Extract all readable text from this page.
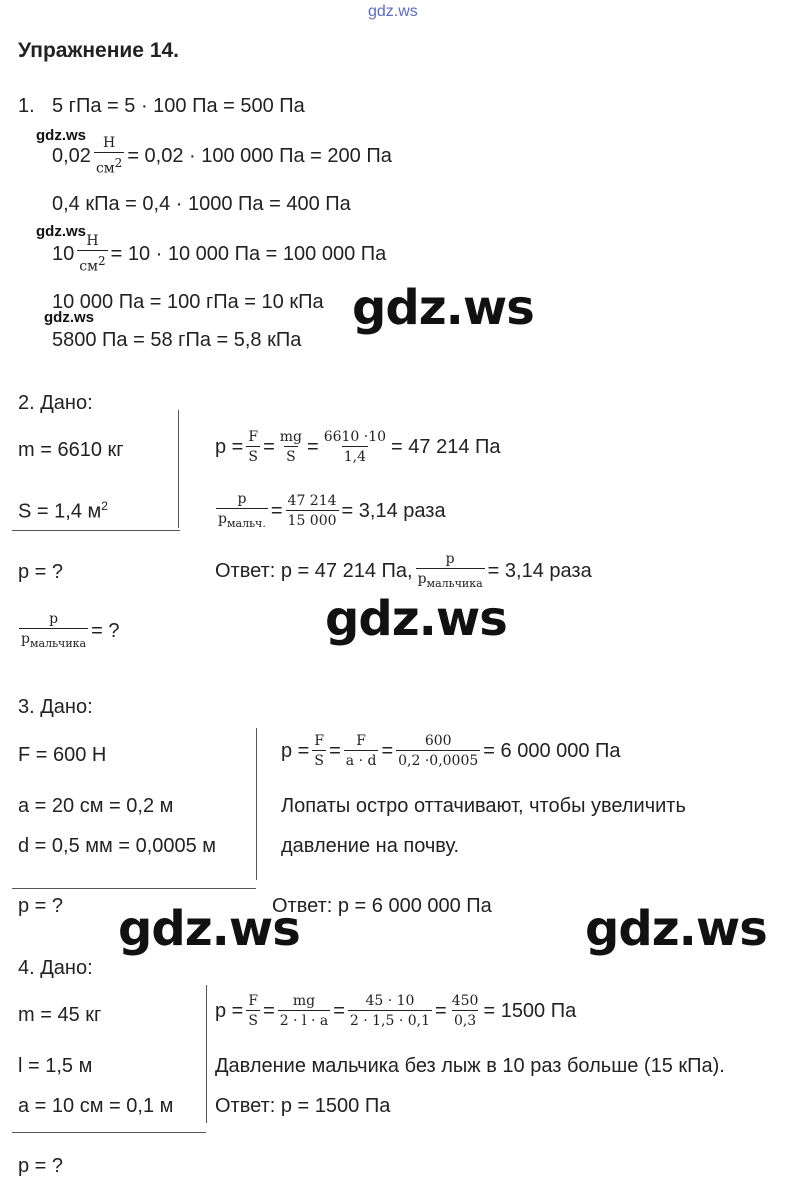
gdz.ws
Упражнение 14.
1. 5 гПа = 5 · 100 Па = 500 Па
gdz.ws
$0,02 \frac{Н}{см^2} = 0,02 \cdot 100$ 000 Па = 200 Па
0,4 кПа = 0,4 · 1000 Па = 400 Па
gdz.ws
$10 \frac{Н}{см^2} = 10 \cdot 10$ 000 Па = 100 000 Па
10 000 Па = 100 гПа = 10 кПа gdz.ws
gdz.ws
5800 Па = 58 гПа = 5,8 кПа
2. Дано:
m = 6610 кг
S = 1,4 $м^2$
$p = \frac{F}{S} = \frac{mg}{S} = \frac{6610 \cdot 10}{1,4} = 47$ 214 Па
$\frac{p}{p_{мальч.}} = \frac{47 214}{15 000} = 3,14$ раза
p = ?	Ответ: p = 47 214 Па, $\frac{p}{p_{мальчика}} = 3,14$ раза
gdz.ws
$\frac{p}{p_{мальчика}}$ = ?
3. Дано:
F = 600 Н
a = 20 см = 0,2 м
d = 0,5 мм = 0,0005 м
$p = \frac{F}{S} = \frac{F}{a \cdot d} = \frac{600}{0,2 \cdot 0,0005} = 6$ 000 000 Па
Лопаты остро оттачивают, чтобы увеличить
давление на почву.
p = ?	Ответ: p = 6 000 000 Па
gdz.ws	gdz.ws
4. Дано:
m = 45 кг
l = 1,5 м
a = 10 см = 0,1 м
$p = \frac{F}{S} = \frac{mg}{2 \cdot l \cdot a} = \frac{45 \cdot 10}{2 \cdot 1,5 \cdot 0,1} = \frac{450}{0,3} = 1500$ Па
Давление мальчика без лыж в 10 раз больше (15 кПа).
Ответ: p = 1500 Па
p = ?
